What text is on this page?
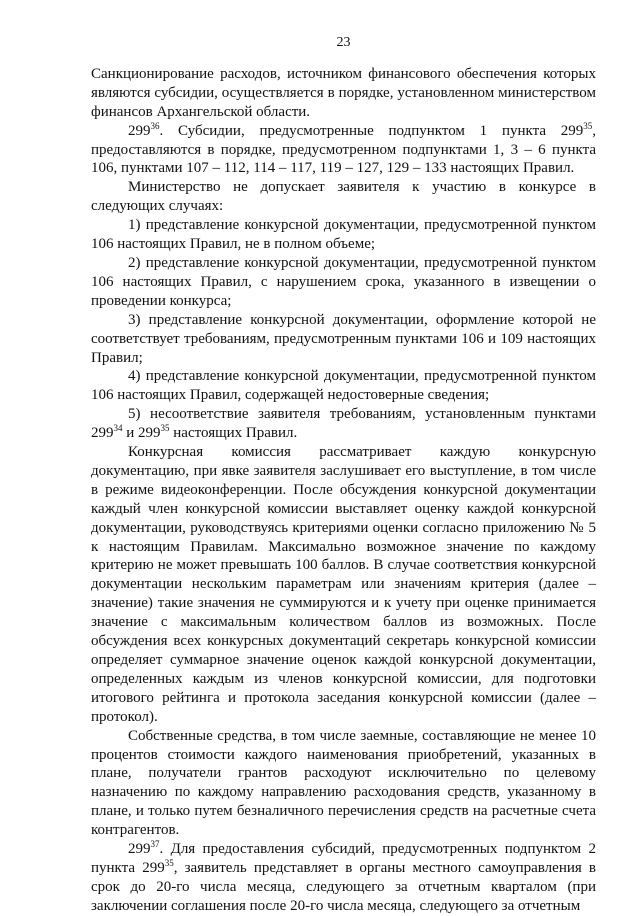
23

Санкционирование расходов, источником финансового обеспечения которых являются субсидии, осуществляется в порядке, установленном министерством финансов Архангельской области.

$299^{36}$. Субсидии, предусмотренные подпунктом 1 пункта $299^{35}$, предоставляются в порядке, предусмотренном подпунктами 1, 3 – 6 пункта 106, пунктами 107 – 112, 114 – 117, 119 – 127, 129 – 133 настоящих Правил.

Министерство не допускает заявителя к участию в конкурсе в следующих случаях:

1) представление конкурсной документации, предусмотренной пунктом 106 настоящих Правил, не в полном объеме;

2) представление конкурсной документации, предусмотренной пунктом 106 настоящих Правил, с нарушением срока, указанного в извещении о проведении конкурса;

3) представление конкурсной документации, оформление которой не соответствует требованиям, предусмотренным пунктами 106 и 109 настоящих Правил;

4) представление конкурсной документации, предусмотренной пунктом 106 настоящих Правил, содержащей недостоверные сведения;

5) несоответствие заявителя требованиям, установленным пунктами $299^{34}$ и $299^{35}$ настоящих Правил.

Конкурсная комиссия рассматривает каждую конкурсную документацию, при явке заявителя заслушивает его выступление, в том числе в режиме видеоконференции. После обсуждения конкурсной документации каждый член конкурсной комиссии выставляет оценку каждой конкурсной документации, руководствуясь критериями оценки согласно приложению № 5 к настоящим Правилам. Максимально возможное значение по каждому критерию не может превышать 100 баллов. В случае соответствия конкурсной документации нескольким параметрам или значениям критерия (далее – значение) такие значения не суммируются и к учету при оценке принимается значение с максимальным количеством баллов из возможных. После обсуждения всех конкурсных документаций секретарь конкурсной комиссии определяет суммарное значение оценок каждой конкурсной документации, определенных каждым из членов конкурсной комиссии, для подготовки итогового рейтинга и протокола заседания конкурсной комиссии (далее – протокол).

Собственные средства, в том числе заемные, составляющие не менее 10 процентов стоимости каждого наименования приобретений, указанных в плане, получатели грантов расходуют исключительно по целевому назначению по каждому направлению расходования средств, указанному в плане, и только путем безналичного перечисления средств на расчетные счета контрагентов.

$299^{37}$. Для предоставления субсидий, предусмотренных подпунктом 2 пункта $299^{35}$, заявитель представляет в органы местного самоуправления в срок до 20-го числа месяца, следующего за отчетным кварталом (при заключении соглашения после 20-го числа месяца, следующего за отчетным
